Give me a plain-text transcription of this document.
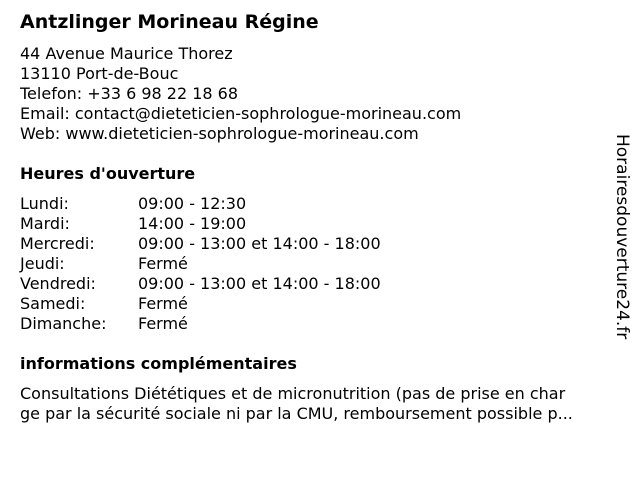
Antzlinger Morineau Régine
44 Avenue Maurice Thorez
13110 Port-de-Bouc
Telefon: +33 6 98 22 18 68
Email: contact@dieteticien-sophrologue-morineau.com
Web: www.dieteticien-sophrologue-morineau.com
Heures d'ouverture
Lundi:	09:00 - 12:30
Mardi:	14:00 - 19:00
Mercredi:	09:00 - 13:00 et 14:00 - 18:00
Jeudi:	Fermé
Vendredi:	09:00 - 13:00 et 14:00 - 18:00
Samedi:	Fermé
Dimanche:	Fermé
informations complémentaires
Consultations Diététiques et de micronutrition (pas de prise en char
ge par la sécurité sociale ni par la CMU, remboursement possible p...
Horairesdouverture24.fr
